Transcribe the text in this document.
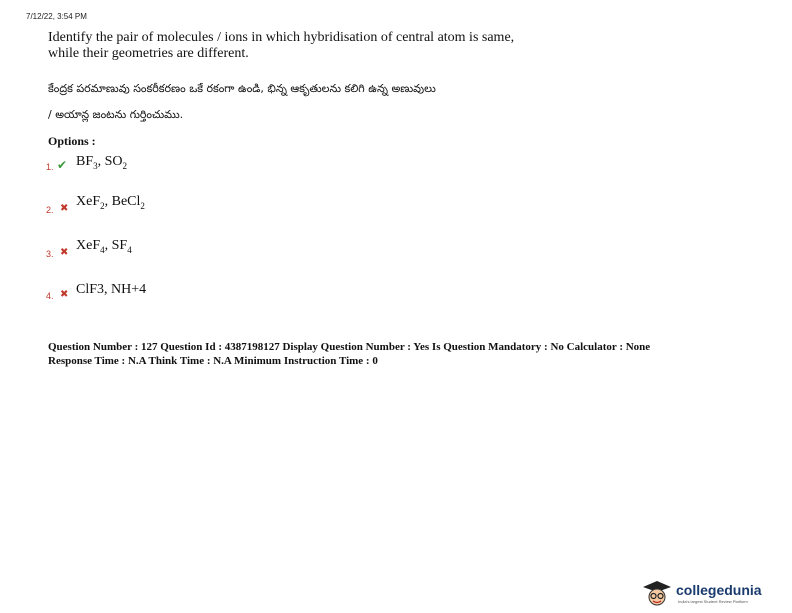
7/12/22, 3:54 PM
Identify the pair of molecules / ions in which hybridisation of central atom is same,
while their geometries are different.
కేంద్రక పరమాణువు సంకరీకరణం ఒకే రకంగా ఉండి, భిన్న ఆకృతులను కలిగి ఉన్న అణువులు
/ అయాన్ల జంటను గుర్తించుము.
Options :
1. ✔ $BF_3$, $SO_2$
2. ✖ XeF$_2$, BeCl$_2$
3. ✖ XeF$_4$, $SF_4$
4. ✖ ClF3, NH+4
Question Number : 127 Question Id : 4387198127 Display Question Number : Yes Is Question Mandatory : No Calculator : None
Response Time : N.A Think Time : N.A Minimum Instruction Time : 0
collegedunia
India's largest Student Review Platform
